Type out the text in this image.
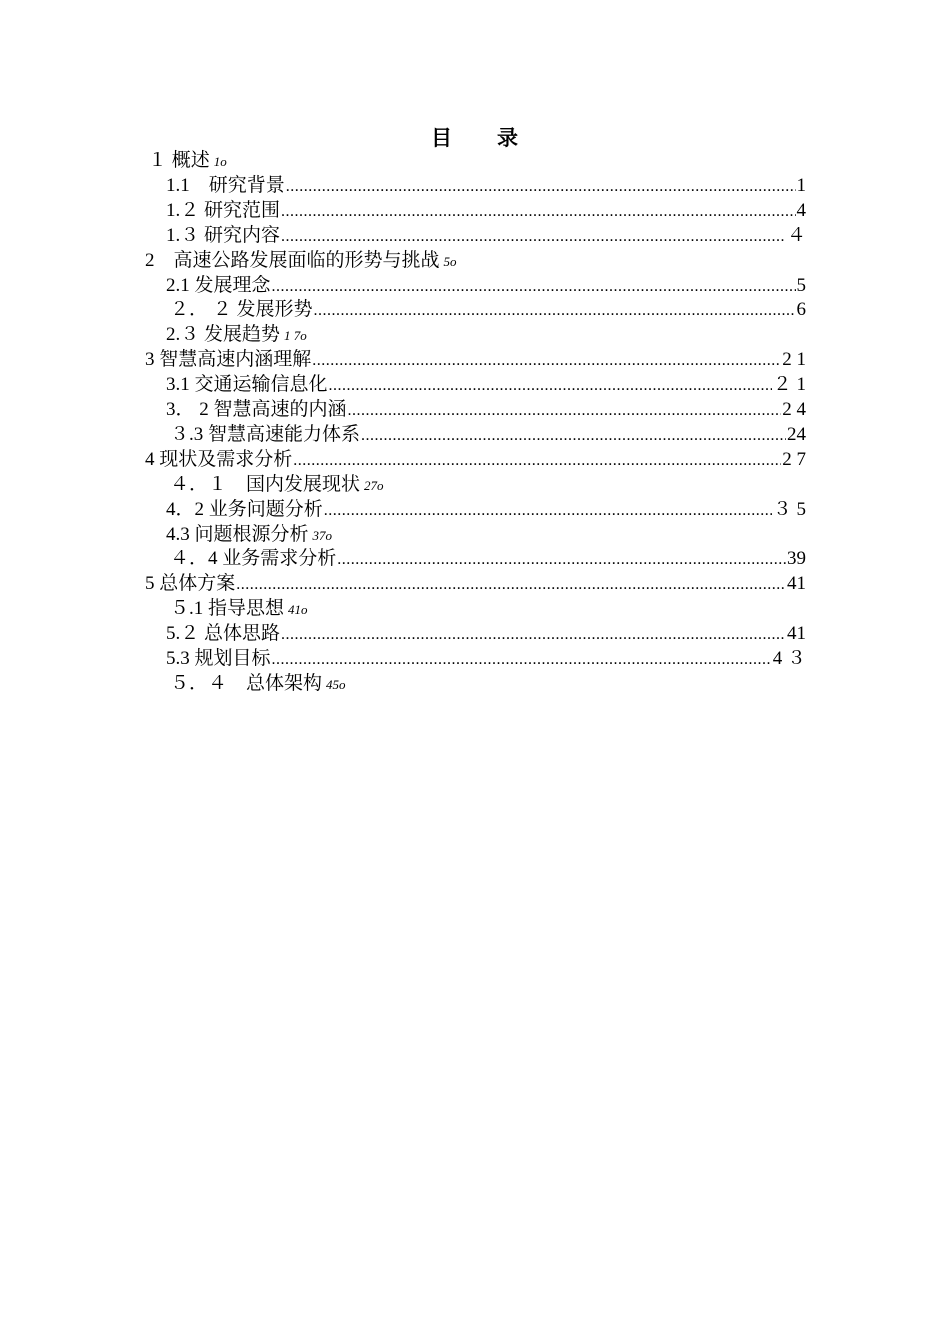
目　　录
１ 概述 1o
1.1　研究背景 .....	1
1.２ 研究范围 .....	4
1.３ 研究内容 .....	４
2　高速公路发展面临的形势与挑战 5o
2.1 发展理念 .....	5
２． ２ 发展形势 .....	6
2.３ 发展趋势 1 7o
3 智慧高速内涵理解 .....	2 1
3.1 交通运输信息化 .....	２ 1
3． 2 智慧高速的内涵 .....	2 4
３.3 智慧高速能力体系 .....	24
4 现状及需求分析 .....	2 7
４．１　国内发展现状 27o
4．2 业务问题分析 .....	３ 5
4.3 问题根源分析 37o
４．4 业务需求分析 .....	39
5 总体方案 .....	41
５.1 指导思想 41o
5.２ 总体思路 .....	41
5.3 规划目标 .....	4 ３
５．４　总体架构 45o
